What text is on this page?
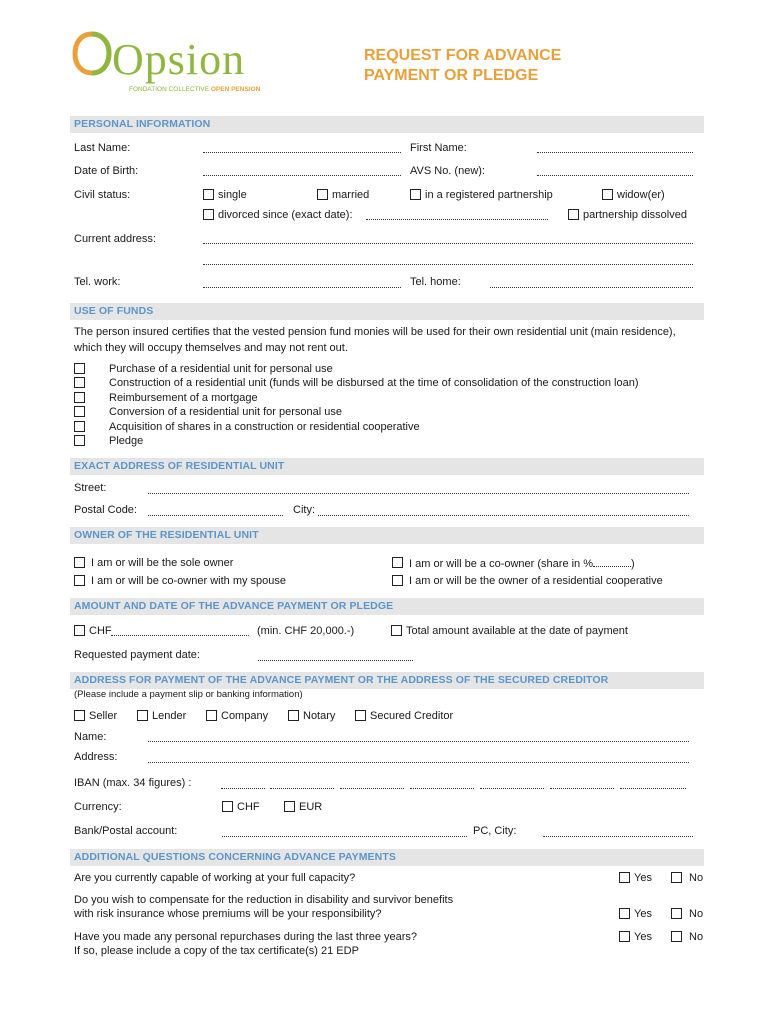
Opsion
FONDATION COLLECTIVE OPEN PENSION
REQUEST FOR ADVANCE
PAYMENT OR PLEDGE
PERSONAL INFORMATION
Last Name:	First Name:
Date of Birth:	AVS No. (new):
Civil status:	single	married	in a registered partnership	widow(er)
divorced since (exact date):	partnership dissolved
Current address:
Tel. work:	Tel. home:
USE OF FUNDS
The person insured certifies that the vested pension fund monies will be used for their own residential unit (main residence),
which they will occupy themselves and may not rent out.
Purchase of a residential unit for personal use
Construction of a residential unit (funds will be disbursed at the time of consolidation of the construction loan)
Reimbursement of a mortgage
Conversion of a residential unit for personal use
Acquisition of shares in a construction or residential cooperative
Pledge
EXACT ADDRESS OF RESIDENTIAL UNIT
Street:
Postal Code:	City:
OWNER OF THE RESIDENTIAL UNIT
I am or will be the sole owner	I am or will be a co-owner (share in %	)
I am or will be co-owner with my spouse	I am or will be the owner of a residential cooperative
AMOUNT AND DATE OF THE ADVANCE PAYMENT OR PLEDGE
CHF	(min. CHF 20,000.-)	Total amount available at the date of payment
Requested payment date:
ADDRESS FOR PAYMENT OF THE ADVANCE PAYMENT OR THE ADDRESS OF THE SECURED CREDITOR
(Please include a payment slip or banking information)
Seller	Lender	Company	Notary	Secured Creditor
Name:
Address:
IBAN (max. 34 figures) :
Currency:	CHF	EUR
Bank/Postal account:	PC, City:
ADDITIONAL QUESTIONS CONCERNING ADVANCE PAYMENTS
Are you currently capable of working at your full capacity?	Yes	No
Do you wish to compensate for the reduction in disability and survivor benefits
with risk insurance whose premiums will be your responsibility?	Yes	No
Have you made any personal repurchases during the last three years?
If so, please include a copy of the tax certificate(s) 21 EDP
Yes	No
